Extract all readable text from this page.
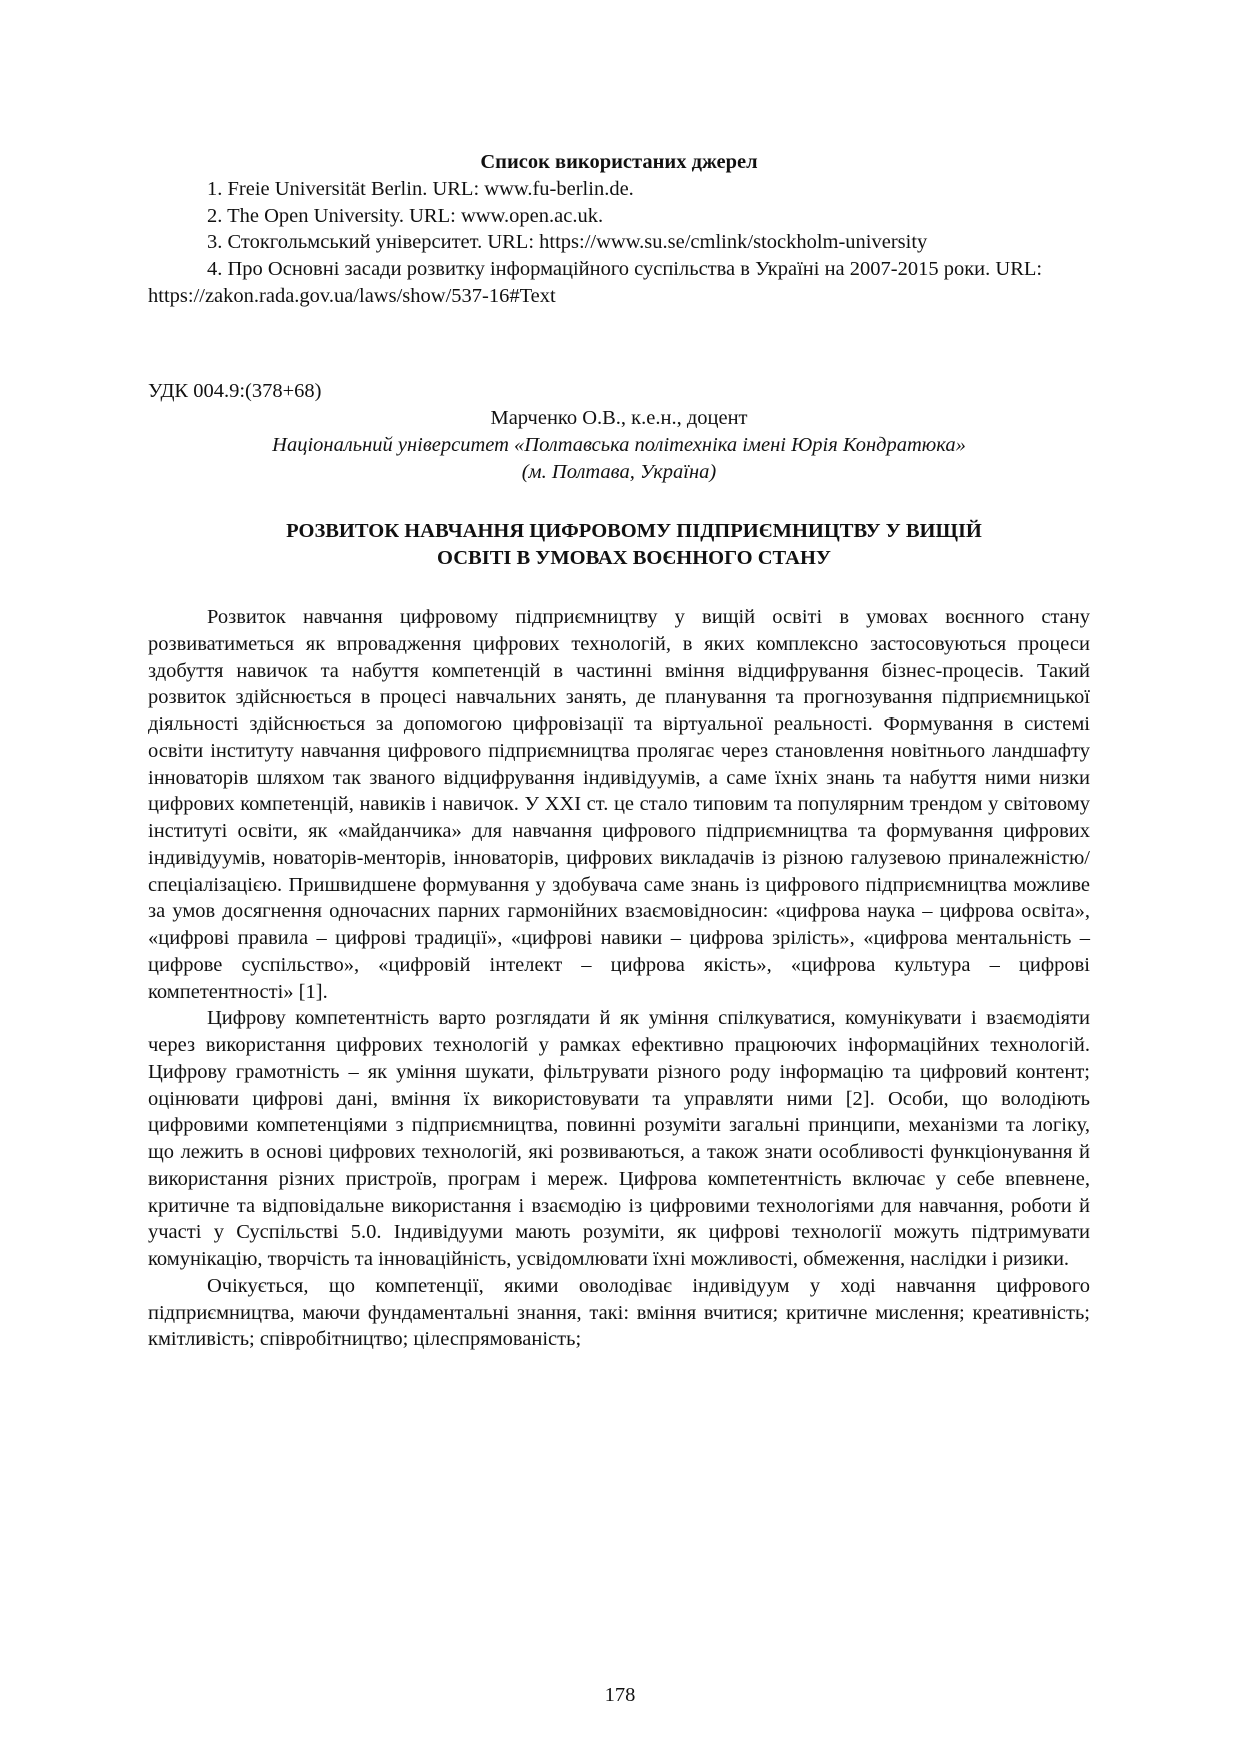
Список використаних джерел
1. Freie Universität Berlin. URL: www.fu-berlin.de.
2. The Open University. URL: www.open.ac.uk.
3. Стокгольмський університет. URL: https://www.su.se/cmlink/stockholm-university
4. Про Основні засади розвитку інформаційного суспільства в Україні на 2007-2015 роки. URL: https://zakon.rada.gov.ua/laws/show/537-16#Text
УДК 004.9:(378+68)
Марченко О.В., к.е.н., доцент
Національний університет «Полтавська політехніка імені Юрія Кондратюка»
(м. Полтава, Україна)
РОЗВИТОК НАВЧАННЯ ЦИФРОВОМУ ПІДПРИЄМНИЦТВУ У ВИЩІЙ
ОСВІТІ В УМОВАХ ВОЄННОГО СТАНУ

Розвиток навчання цифровому підприємництву у вищій освіті в умовах воєнного стану розвиватиметься як впровадження цифрових технологій, в яких комплексно застосовуються процеси здобуття навичок та набуття компетенцій в частинні вміння відцифрування бізнес-процесів. Такий розвиток здійснюється в процесі навчальних занять, де планування та прогнозування підприємницької діяльності здійснюється за допомогою цифровізації та віртуальної реальності. Формування в системі освіти інституту навчання цифрового підприємництва пролягає через становлення новітнього ландшафту інноваторів шляхом так званого відцифрування індивідуумів, а саме їхніх знань та набуття ними низки цифрових компетенцій, навиків і навичок. У XXI ст. це стало типовим та популярним трендом у світовому інституті освіти, як «майданчика» для навчання цифрового підприємництва та формування цифрових індивідуумів, новаторів-менторів, інноваторів, цифрових викладачів із різною галузевою приналежністю/спеціалізацією. Пришвидшене формування у здобувача саме знань із цифрового підприємництва можливе за умов досягнення одночасних парних гармонійних взаємовідносин: «цифрова наука – цифрова освіта», «цифрові правила – цифрові традиції», «цифрові навики – цифрова зрілість», «цифрова ментальність – цифрове суспільство», «цифровій інтелект – цифрова якість», «цифрова культура – цифрові компетентності» [1].

Цифрову компетентність варто розглядати й як уміння спілкуватися, комунікувати і взаємодіяти через використання цифрових технологій у рамках ефективно працюючих інформаційних технологій. Цифрову грамотність – як уміння шукати, фільтрувати різного роду інформацію та цифровий контент; оцінювати цифрові дані, вміння їх використовувати та управляти ними [2]. Особи, що володіють цифровими компетенціями з підприємництва, повинні розуміти загальні принципи, механізми та логіку, що лежить в основі цифрових технологій, які розвиваються, а також знати особливості функціонування й використання різних пристроїв, програм і мереж. Цифрова компетентність включає у себе впевнене, критичне та відповідальне використання і взаємодію із цифровими технологіями для навчання, роботи й участі у Суспільстві 5.0. Індивідууми мають розуміти, як цифрові технології можуть підтримувати комунікацію, творчість та інноваційність, усвідомлювати їхні можливості, обмеження, наслідки і ризики.

Очікується, що компетенції, якими оволодіває індивідуум у ході навчання цифрового підприємництва, маючи фундаментальні знання, такі: вміння вчитися; критичне мислення; креативність; кмітливість; співробітництво; цілеспрямованість;

178
